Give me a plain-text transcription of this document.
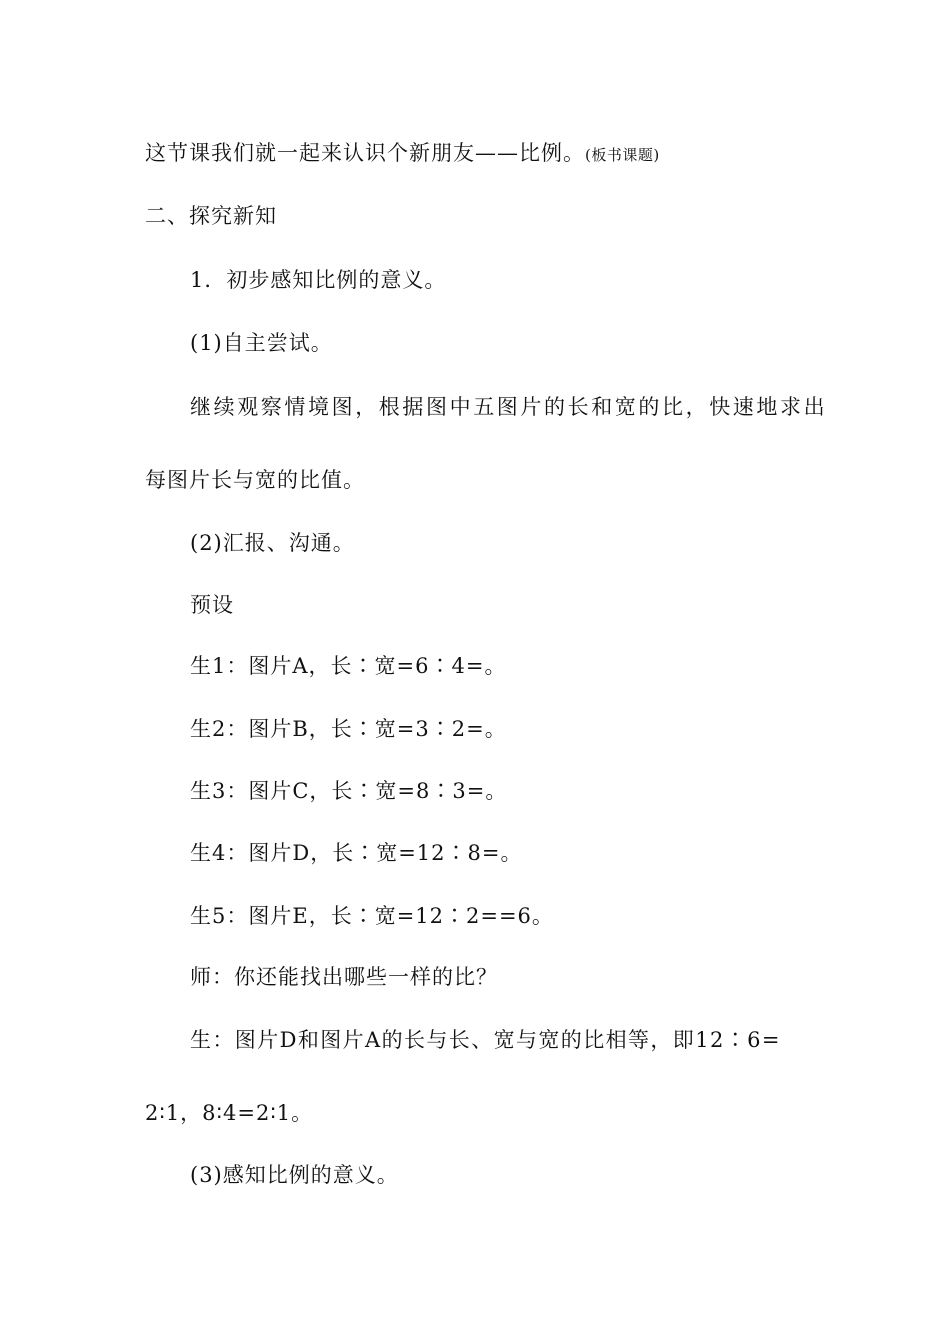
这节课我们就一起来认识个新朋友——比例。(板书课题)
二、探究新知
1．初步感知比例的意义。
(1)自主尝试。
继续观察情境图，根据图中五图片的长和宽的比，快速地求出
每图片长与宽的比值。
(2)汇报、沟通。
预设
生1：图片A，长∶宽=6∶4=。
生2：图片B，长∶宽=3∶2=。
生3：图片C，长∶宽=8∶3=。
生4：图片D，长∶宽=12∶8=。
生5：图片E，长∶宽=12∶2==6。
师：你还能找出哪些一样的比？
生：图片D和图片A的长与长、宽与宽的比相等，即12∶6=
2∶1，8∶4=2∶1。
(3)感知比例的意义。
